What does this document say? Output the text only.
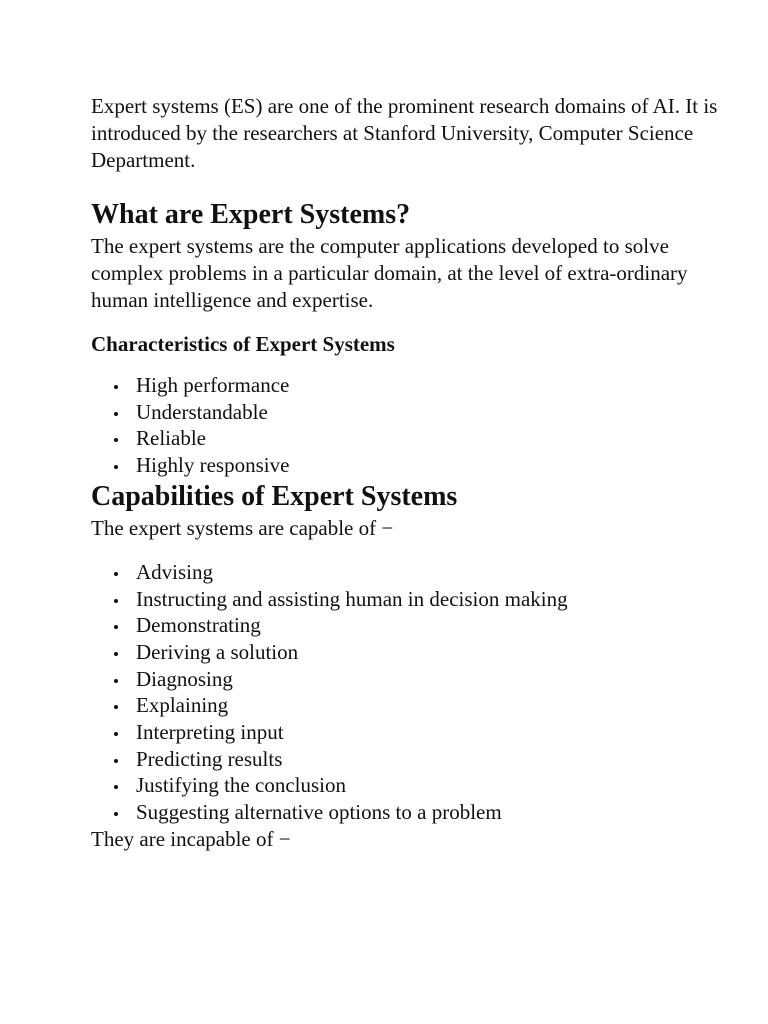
Expert systems (ES) are one of the prominent research domains of AI. It is introduced by the researchers at Stanford University, Computer Science Department.

What are Expert Systems?

The expert systems are the computer applications developed to solve complex problems in a particular domain, at the level of extra-ordinary human intelligence and expertise.

Characteristics of Expert Systems
High performance
Understandable
Reliable
Highly responsive
Capabilities of Expert Systems

The expert systems are capable of −

Advising
Instructing and assisting human in decision making
Demonstrating
Deriving a solution
Diagnosing
Explaining
Interpreting input
Predicting results
Justifying the conclusion
Suggesting alternative options to a problem

They are incapable of −
